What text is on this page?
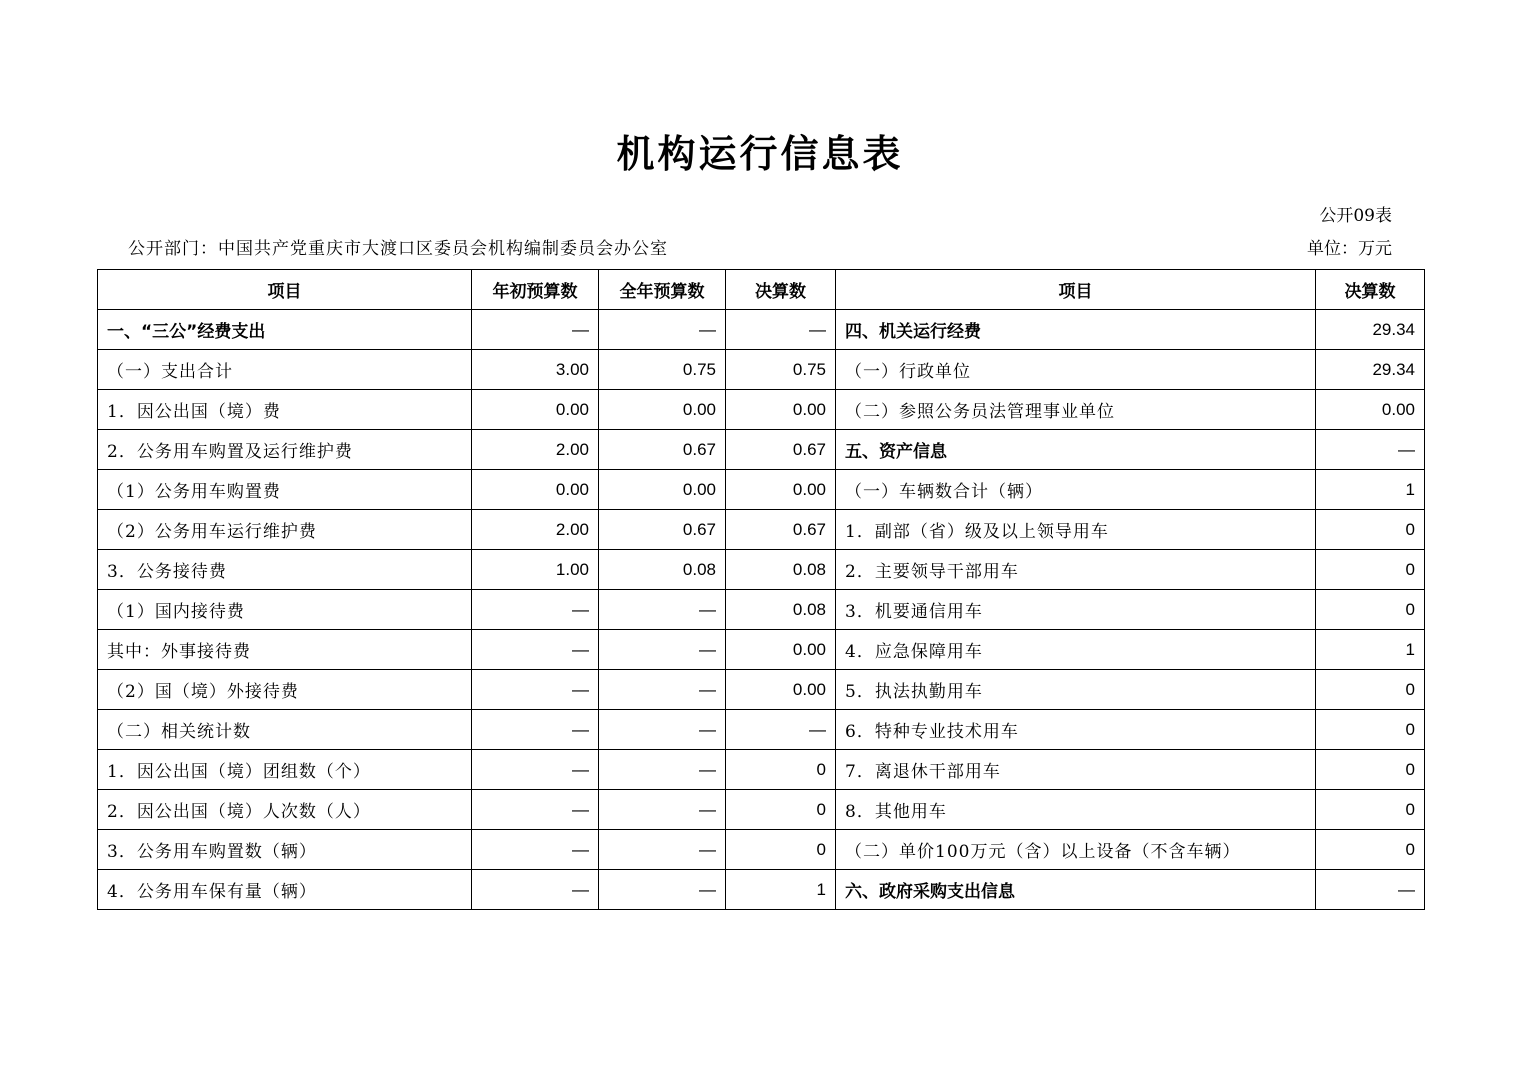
机构运行信息表
公开09表
公开部门：中国共产党重庆市大渡口区委员会机构编制委员会办公室	单位：万元
项目	年初预算数	全年预算数	决算数	项目	决算数
一、“三公”经费支出	—	—	—	四、机关运行经费	29.34
（一）支出合计	3.00	0.75	0.75	（一）行政单位	29.34
1．因公出国（境）费	0.00	0.00	0.00	（二）参照公务员法管理事业单位	0.00
2．公务用车购置及运行维护费	2.00	0.67	0.67	五、资产信息	—
（1）公务用车购置费	0.00	0.00	0.00	（一）车辆数合计（辆）	1
（2）公务用车运行维护费	2.00	0.67	0.67	1．副部（省）级及以上领导用车	0
3．公务接待费	1.00	0.08	0.08	2．主要领导干部用车	0
（1）国内接待费	—	—	0.08	3．机要通信用车	0
其中：外事接待费	—	—	0.00	4．应急保障用车	1
（2）国（境）外接待费	—	—	0.00	5．执法执勤用车	0
（二）相关统计数	—	—	—	6．特种专业技术用车	0
1．因公出国（境）团组数（个）	—	—	0	7．离退休干部用车	0
2．因公出国（境）人次数（人）	—	—	0	8．其他用车	0
3．公务用车购置数（辆）	—	—	0	（二）单价100万元（含）以上设备（不含车辆）	0
4．公务用车保有量（辆）	—	—	1	六、政府采购支出信息	—
